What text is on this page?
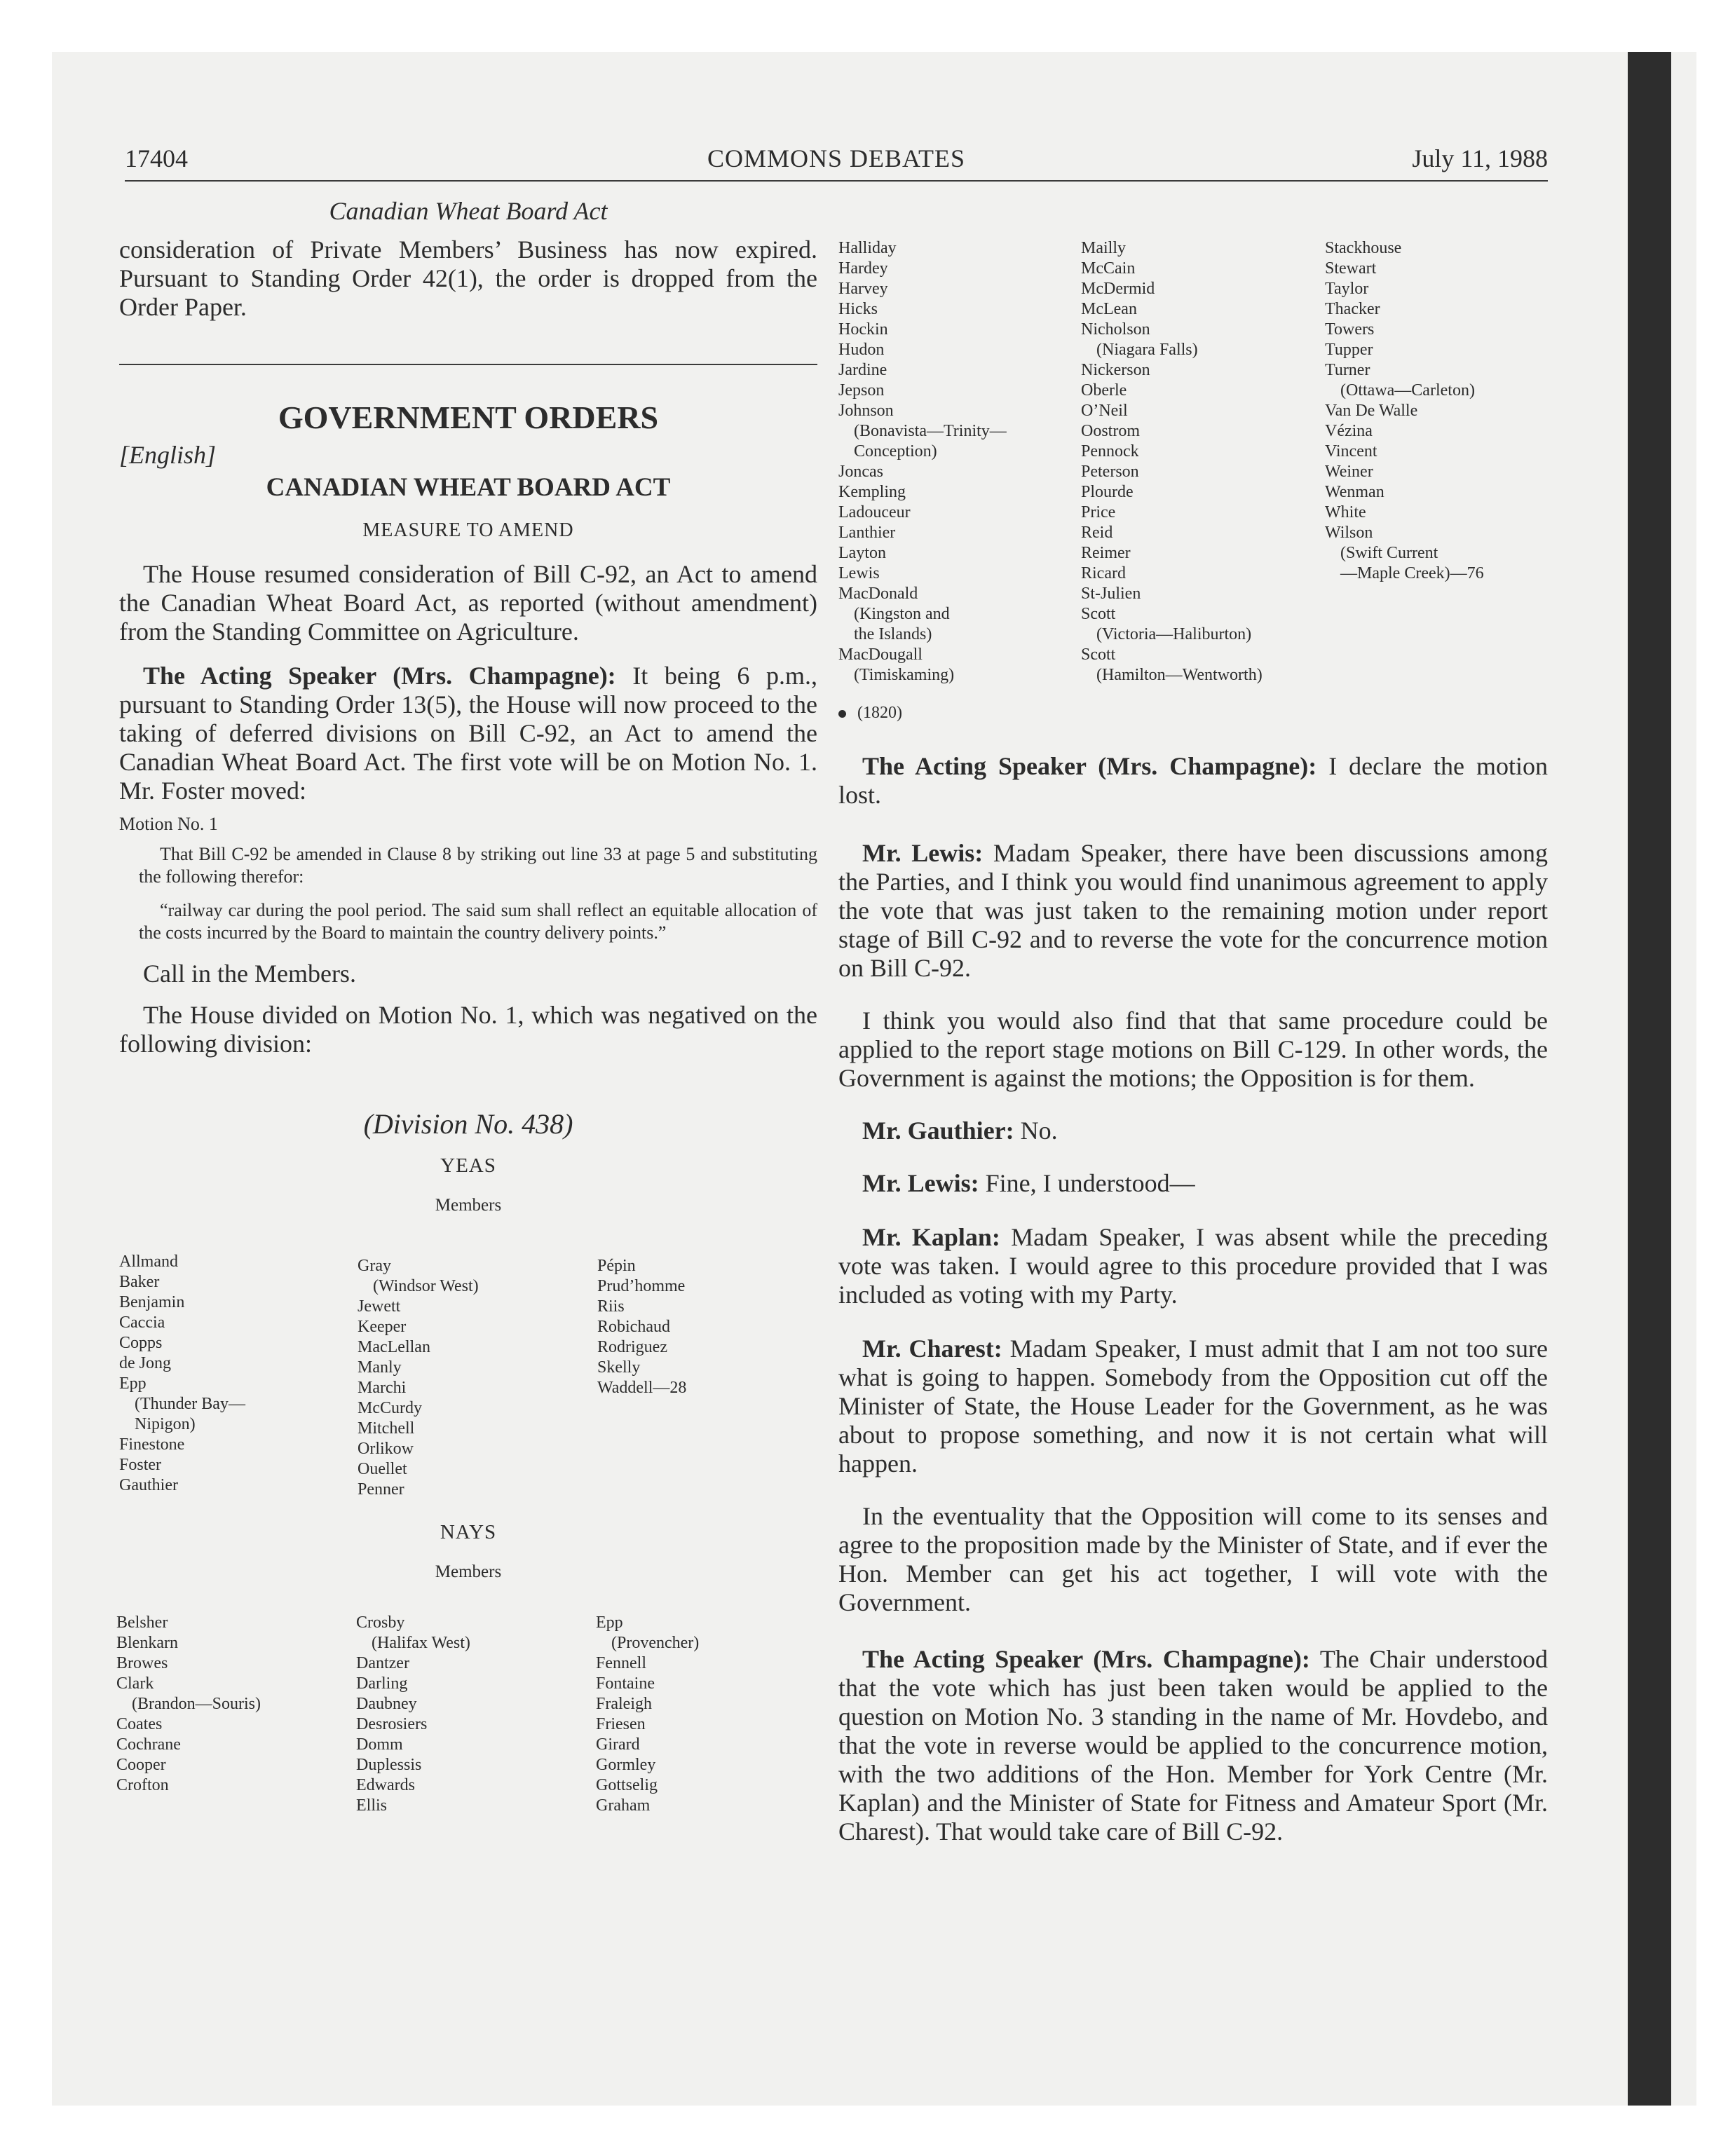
17404	COMMONS DEBATES	July 11, 1988
Canadian Wheat Board Act

consideration of Private Members’ Business has now expired. Pursuant to Standing Order 42(1), the order is dropped from the Order Paper.

GOVERNMENT ORDERS
[English]
CANADIAN WHEAT BOARD ACT
MEASURE TO AMEND

The House resumed consideration of Bill C-92, an Act to amend the Canadian Wheat Board Act, as reported (without amendment) from the Standing Committee on Agriculture.

The Acting Speaker (Mrs. Champagne): It being 6 p.m., pursuant to Standing Order 13(5), the House will now proceed to the taking of deferred divisions on Bill C-92, an Act to amend the Canadian Wheat Board Act. The first vote will be on Motion No. 1. Mr. Foster moved:

Motion No. 1

That Bill C-92 be amended in Clause 8 by striking out line 33 at page 5 and substituting the following therefor:

“railway car during the pool period. The said sum shall reflect an equitable allocation of the costs incurred by the Board to maintain the country delivery points.”

Call in the Members.

The House divided on Motion No. 1, which was negatived on the following division:

(Division No. 438)
YEAS
Members
Allmand
Baker
Benjamin
Caccia
Copps
de Jong
Epp
(Thunder Bay—
Nipigon)
Finestone
Foster
Gauthier
Gray
(Windsor West)
Jewett
Keeper
MacLellan
Manly
Marchi
McCurdy
Mitchell
Orlikow
Ouellet
Penner
Pépin
Prud’homme
Riis
Robichaud
Rodriguez
Skelly
Waddell—28
NAYS
Members
Belsher
Blenkarn
Browes
Clark
(Brandon—Souris)
Coates
Cochrane
Cooper
Crofton
Crosby
(Halifax West)
Dantzer
Darling
Daubney
Desrosiers
Domm
Duplessis
Edwards
Ellis
Epp
(Provencher)
Fennell
Fontaine
Fraleigh
Friesen
Girard
Gormley
Gottselig
Graham
Halliday
Hardey
Harvey
Hicks
Hockin
Hudon
Jardine
Jepson
Johnson
(Bonavista—Trinity—
Conception)
Joncas
Kempling
Ladouceur
Lanthier
Layton
Lewis
MacDonald
(Kingston and
the Islands)
MacDougall
(Timiskaming)
Mailly
McCain
McDermid
McLean
Nicholson
(Niagara Falls)
Nickerson
Oberle
O’Neil
Oostrom
Pennock
Peterson
Plourde
Price
Reid
Reimer
Ricard
St-Julien
Scott
(Victoria—Haliburton)
Scott
(Hamilton—Wentworth)
Stackhouse
Stewart
Taylor
Thacker
Towers
Tupper
Turner
(Ottawa—Carleton)
Van De Walle
Vézina
Vincent
Weiner
Wenman
White
Wilson
(Swift Current
—Maple Creek)—76
(1820)

The Acting Speaker (Mrs. Champagne): I declare the motion lost.

Mr. Lewis: Madam Speaker, there have been discussions among the Parties, and I think you would find unanimous agreement to apply the vote that was just taken to the remaining motion under report stage of Bill C-92 and to reverse the vote for the concurrence motion on Bill C-92.

I think you would also find that that same procedure could be applied to the report stage motions on Bill C-129. In other words, the Government is against the motions; the Opposition is for them.

Mr. Gauthier: No.

Mr. Lewis: Fine, I understood—

Mr. Kaplan: Madam Speaker, I was absent while the preceding vote was taken. I would agree to this procedure provided that I was included as voting with my Party.

Mr. Charest: Madam Speaker, I must admit that I am not too sure what is going to happen. Somebody from the Opposition cut off the Minister of State, the House Leader for the Government, as he was about to propose something, and now it is not certain what will happen.

In the eventuality that the Opposition will come to its senses and agree to the proposition made by the Minister of State, and if ever the Hon. Member can get his act together, I will vote with the Government.

The Acting Speaker (Mrs. Champagne): The Chair understood that the vote which has just been taken would be applied to the question on Motion No. 3 standing in the name of Mr. Hovdebo, and that the vote in reverse would be applied to the concurrence motion, with the two additions of the Hon. Member for York Centre (Mr. Kaplan) and the Minister of State for Fitness and Amateur Sport (Mr. Charest). That would take care of Bill C-92.
